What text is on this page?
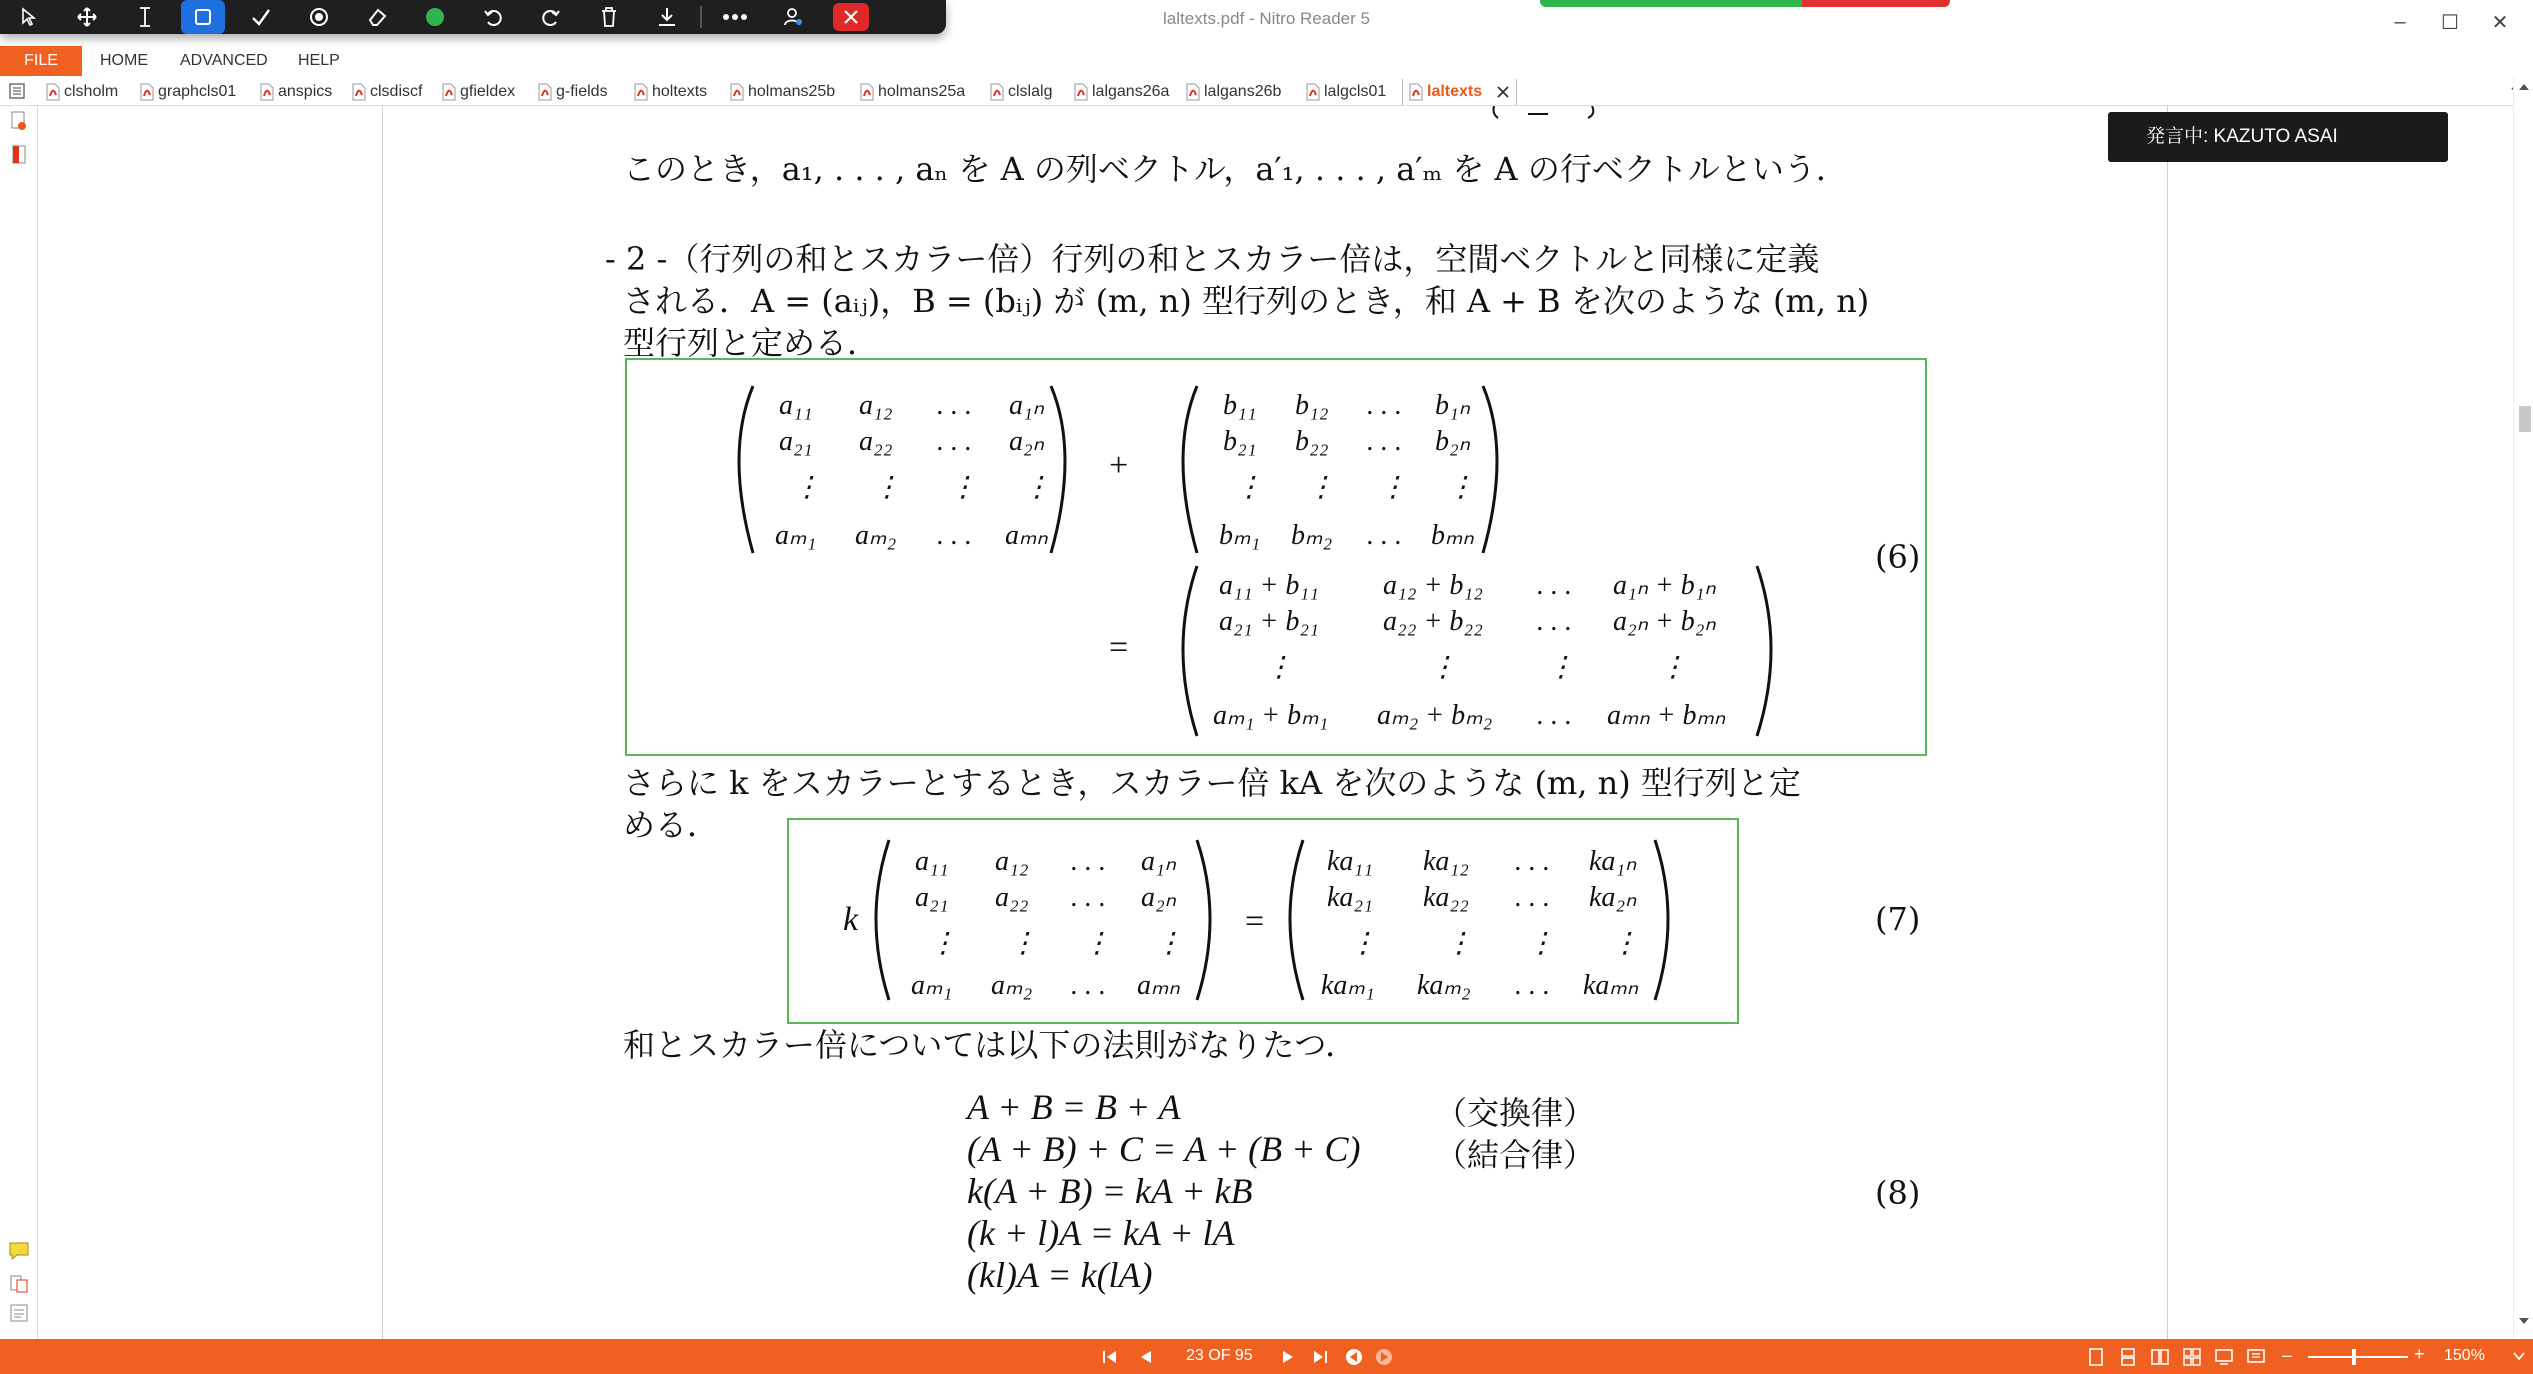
laltexts.pdf - Nitro Reader 5	–	☐	✕
FILE	HOME ADVANCED HELP
clsholm graphcls01	anspics clsdiscf gfieldex	g-fields	holtexts	holmans25b	holmans25a	clslalg lalgans26a lalgans26b	lalgcls01	laltexts
このとき，a₁, . . . , aₙ を A の列ベクトル，a′₁, . . . , a′ₘ を A の行ベクトルという．
- 2 -（行列の和とスカラー倍）行列の和とスカラー倍は，空間ベクトルと同様に定義
される．A = (aᵢⱼ)，B = (bᵢⱼ) が (m, n) 型行列のとき，和 A + B を次のような (m, n)
型行列と定める．
a₁₁ a₁₂ . . . a₁ₙ
a₂₁ a₂₂ . . . a₂ₙ
⋮ ⋮ ⋮ ⋮
aₘ₁ aₘ₂ . . . aₘₙ
+
b₁₁ b₁₂ . . . b₁ₙ
b₂₁ b₂₂ . . . b₂ₙ
⋮ ⋮ ⋮ ⋮
bₘ₁ bₘ₂ . . . bₘₙ
=
a₁₁ + b₁₁ a₁₂ + b₁₂ . . . a₁ₙ + b₁ₙ
a₂₁ + b₂₁ a₂₂ + b₂₂ . . . a₂ₙ + b₂ₙ
⋮	⋮	⋮	⋮
aₘ₁ + bₘ₁ aₘ₂ + bₘ₂ . . . aₘₙ + bₘₙ
(6)
さらに k をスカラーとするとき，スカラー倍 kA を次のような (m, n) 型行列と定
める．
k
a₁₁ a₁₂ . . . a₁ₙ
a₂₁ a₂₂ . . . a₂ₙ
⋮ ⋮ ⋮ ⋮
aₘ₁ aₘ₂ . . . aₘₙ
=
ka₁₁ ka₁₂ . . . ka₁ₙ
ka₂₁ ka₂₂ . . . ka₂ₙ
⋮ ⋮ ⋮ ⋮
kaₘ₁ kaₘ₂ . . . kaₘₙ
(7)
和とスカラー倍については以下の法則がなりたつ．
A + B = B + A
(A + B) + C = A + (B + C)
k(A + B) = kA + kB
(k + l)A = kA + lA
(kl)A = k(lA)
（交換律）
（結合律）
(8)
発言中: KAZUTO ASAI
23 OF 95	–	+ 150%
